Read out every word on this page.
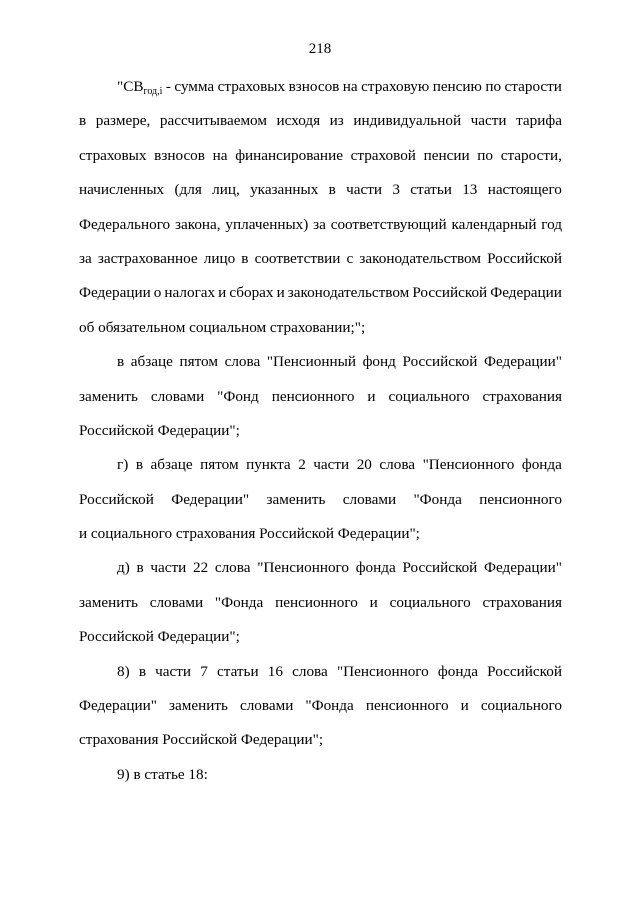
218
"$СВ_{год,i}$ - сумма страховых взносов на страховую пенсию по старости
в размере, рассчитываемом исходя из индивидуальной части тарифа
страховых взносов на финансирование страховой пенсии по старости,
начисленных (для лиц, указанных в части 3 статьи 13 настоящего
Федерального закона, уплаченных) за соответствующий календарный год
за застрахованное лицо в соответствии с законодательством Российской
Федерации о налогах и сборах и законодательством Российской Федерации
об обязательном социальном страховании;";
в абзаце пятом слова "Пенсионный фонд Российской Федерации"
заменить словами "Фонд пенсионного и социального страхования
Российской Федерации";
г) в абзаце пятом пункта 2 части 20 слова "Пенсионного фонда
Российской Федерации" заменить словами "Фонда пенсионного
и социального страхования Российской Федерации";
д) в части 22 слова "Пенсионного фонда Российской Федерации"
заменить словами "Фонда пенсионного и социального страхования
Российской Федерации";
8) в части 7 статьи 16 слова "Пенсионного фонда Российской
Федерации" заменить словами "Фонда пенсионного и социального
страхования Российской Федерации";
9) в статье 18:
